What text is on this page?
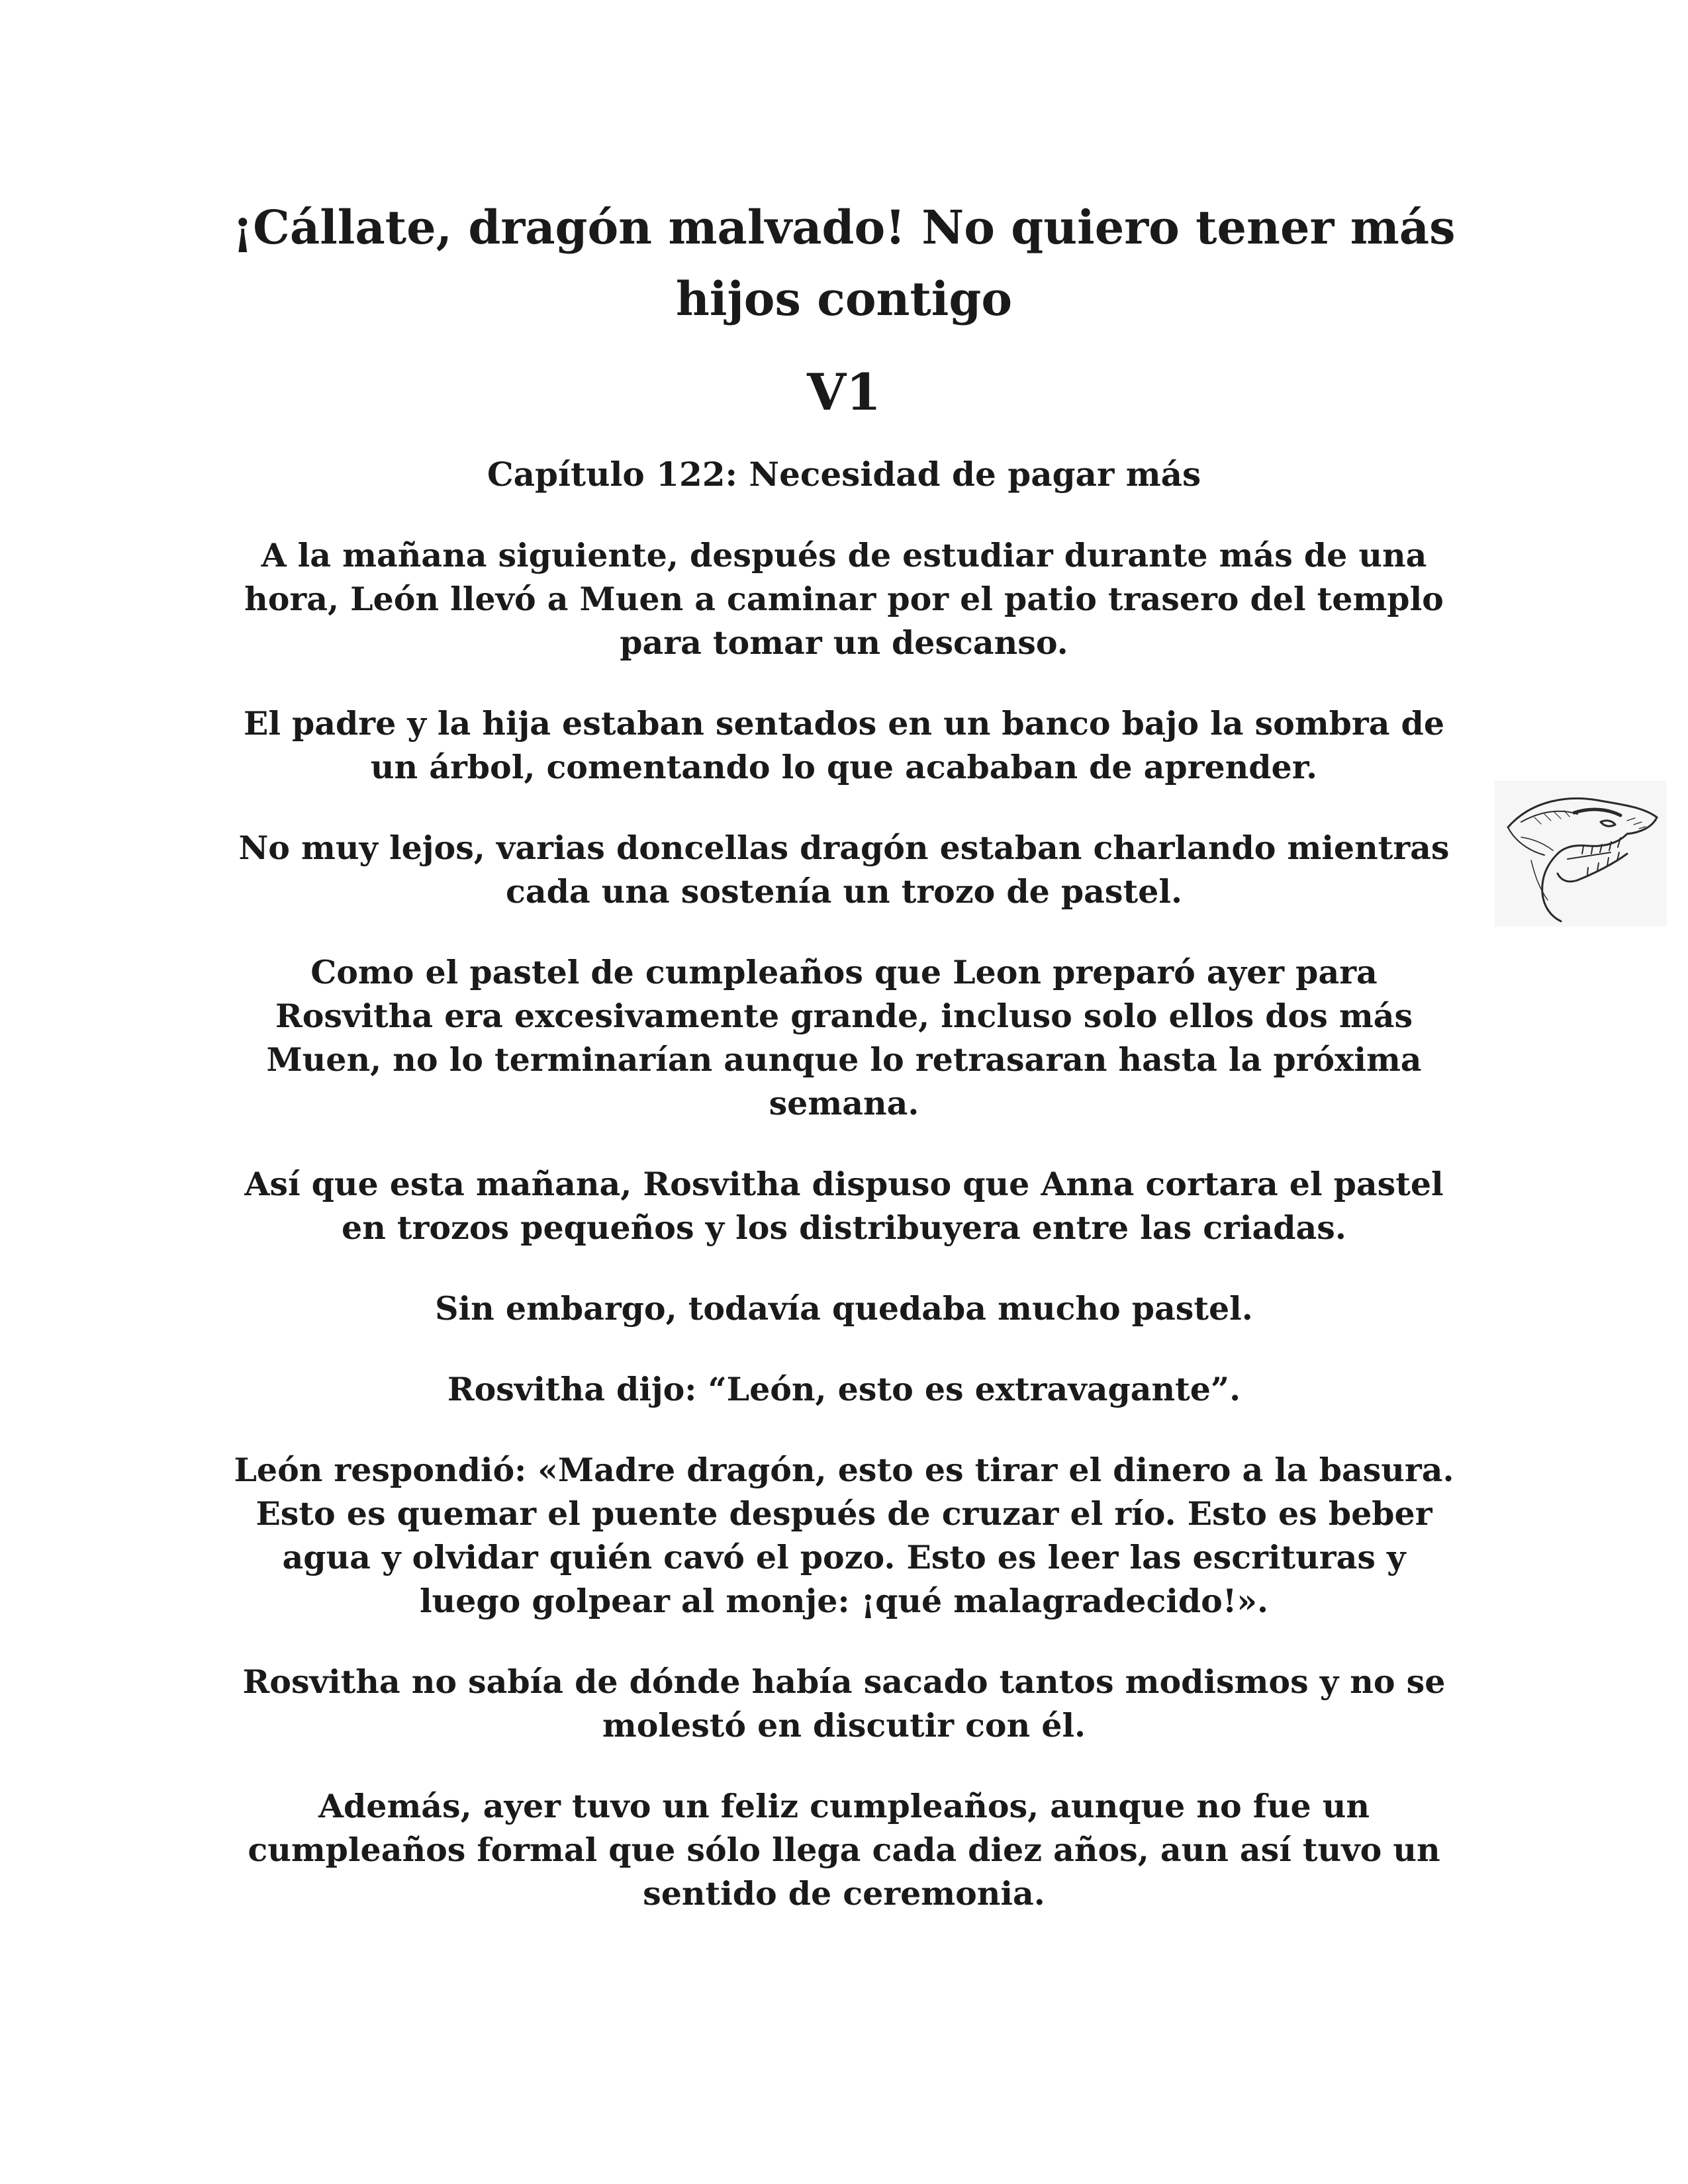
¡Cállate, dragón malvado! No quiero tener más hijos contigo
V1
Capítulo 122: Necesidad de pagar más

A la mañana siguiente, después de estudiar durante más de una hora, León llevó a Muen a caminar por el patio trasero del templo para tomar un descanso.

El padre y la hija estaban sentados en un banco bajo la sombra de un árbol, comentando lo que acababan de aprender.

No muy lejos, varias doncellas dragón estaban charlando mientras cada una sostenía un trozo de pastel.

Como el pastel de cumpleaños que Leon preparó ayer para Rosvitha era excesivamente grande, incluso solo ellos dos más Muen, no lo terminarían aunque lo retrasaran hasta la próxima semana.

Así que esta mañana, Rosvitha dispuso que Anna cortara el pastel en trozos pequeños y los distribuyera entre las criadas.

Sin embargo, todavía quedaba mucho pastel.

Rosvitha dijo: “León, esto es extravagante”.

León respondió: «Madre dragón, esto es tirar el dinero a la basura. Esto es quemar el puente después de cruzar el río. Esto es beber agua y olvidar quién cavó el pozo. Esto es leer las escrituras y luego golpear al monje: ¡qué malagradecido!».

Rosvitha no sabía de dónde había sacado tantos modismos y no se molestó en discutir con él.

Además, ayer tuvo un feliz cumpleaños, aunque no fue un cumpleaños formal que sólo llega cada diez años, aun así tuvo un sentido de ceremonia.
